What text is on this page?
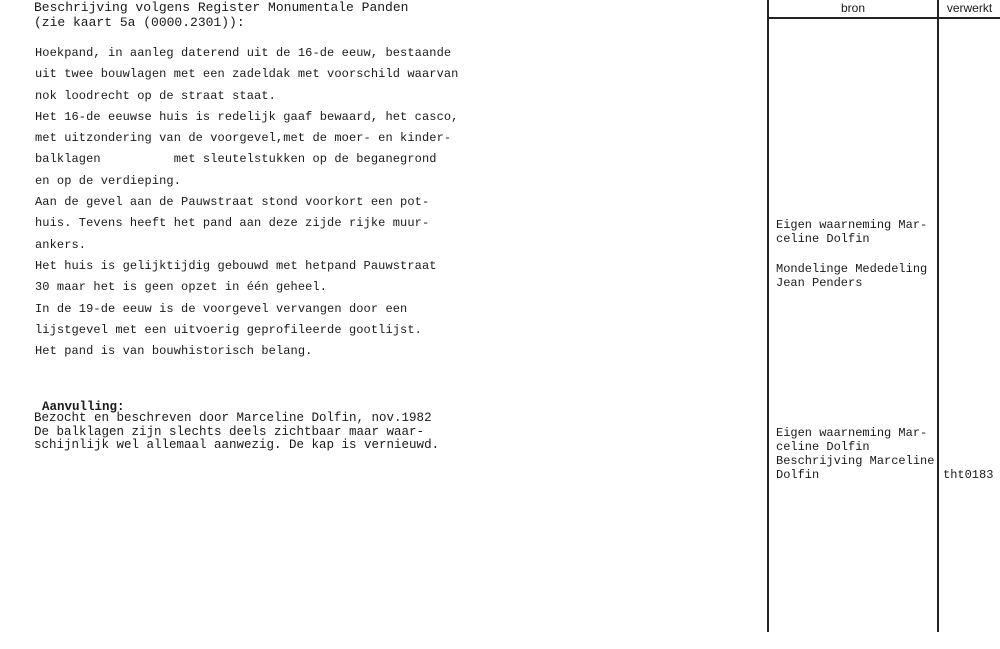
Beschrijving volgens Register Monumentale Panden
(zie kaart 5a (0000.2301)):
Hoekpand, in aanleg daterend uit de 16-de eeuw, bestaande
uit twee bouwlagen met een zadeldak met voorschild waarvan
nok loodrecht op de straat staat.
Het 16-de eeuwse huis is redelijk gaaf bewaard, het casco,
met uitzondering van de voorgevel,met de moer- en kinder-
balklagen          met sleutelstukken op de beganegrond
en op de verdieping.
Aan de gevel aan de Pauwstraat stond voorkort een pot-
huis. Tevens heeft het pand aan deze zijde rijke muur-
ankers.
Het huis is gelijktijdig gebouwd met hetpand Pauwstraat
30 maar het is geen opzet in één geheel.
In de 19-de eeuw is de voorgevel vervangen door een
lijstgevel met een uitvoerig geprofileerde gootlijst.
Het pand is van bouwhistorisch belang.
Aanvulling:
Bezocht en beschreven door Marceline Dolfin, nov.1982
De balklagen zijn slechts deels zichtbaar maar waar-
schijnlijk wel allemaal aanwezig. De kap is vernieuwd.
bron	verwerkt
Eigen waarneming Mar-
celine Dolfin
Mondelinge Mededeling
Jean Penders
Eigen waarneming Mar-
celine Dolfin
Beschrijving Marceline
Dolfin	tht0183
